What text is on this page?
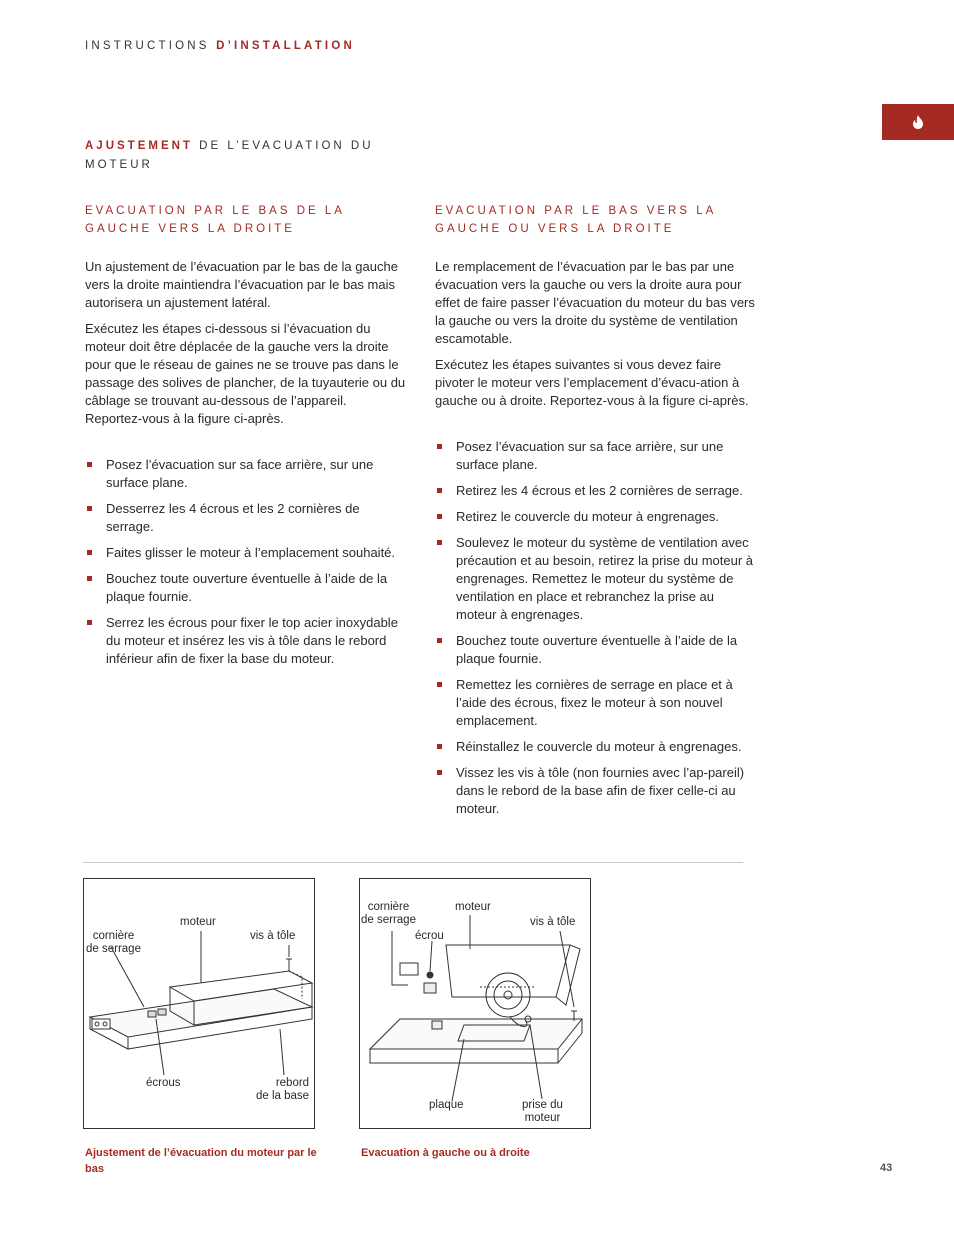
INSTRUCTIONS D’INSTALLATION
AJUSTEMENT DE L’EVACUATION DU MOTEUR
EVACUATION PAR LE BAS DE LA GAUCHE VERS LA DROITE

Un ajustement de l’évacuation par le bas de la gauche vers la droite maintiendra l’évacuation par le bas mais autorisera un ajustement latéral.

Exécutez les étapes ci-dessous si l’évacuation du moteur doit être déplacée de la gauche vers la droite pour que le réseau de gaines ne se trouve pas dans le passage des solives de plancher, de la tuyauterie ou du câblage se trouvant au-dessous de l’appareil. Reportez-vous à la figure ci-après.

Posez l’évacuation sur sa face arrière, sur une surface plane.
Desserrez les 4 écrous et les 2 cornières de serrage.
Faites glisser le moteur à l’emplacement souhaité.
Bouchez toute ouverture éventuelle à l’aide de la plaque fournie.
Serrez les écrous pour fixer le top acier inoxydable du moteur et insérez les vis à tôle dans le rebord inférieur afin de fixer la base du moteur.
EVACUATION PAR LE BAS VERS LA GAUCHE OU VERS LA DROITE

Le remplacement de l’évacuation par le bas par une évacuation vers la gauche ou vers la droite aura pour effet de faire passer l’évacuation du moteur du bas vers la gauche ou vers la droite du système de ventilation escamotable.

Exécutez les étapes suivantes si vous devez faire pivoter le moteur vers l’emplacement d’évacu-ation à gauche ou à droite. Reportez-vous à la figure ci-après.

Posez l’évacuation sur sa face arrière, sur une surface plane.
Retirez les 4 écrous et les 2 cornières de serrage.
Retirez le couvercle du moteur à engrenages.
Soulevez le moteur du système de ventilation avec précaution et au besoin, retirez la prise du moteur à engrenages. Remettez le moteur du système de ventilation en place et rebranchez la prise au moteur à engrenages.
Bouchez toute ouverture éventuelle à l’aide de la plaque fournie.
Remettez les cornières de serrage en place et à l’aide des écrous, fixez le moteur à son nouvel emplacement.
Réinstallez le couvercle du moteur à engrenages.
Vissez les vis à tôle (non fournies avec l’ap-pareil) dans le rebord de la base afin de fixer celle-ci au moteur.
moteur
cornière
de serrage
vis à tôle
écrous	rebord
de la base
cornière
de serrage
moteur
vis à tôle
écrou
plaque	prise du
moteur
Ajustement de l’évacuation du moteur par le bas
Evacuation à gauche ou à droite
43
